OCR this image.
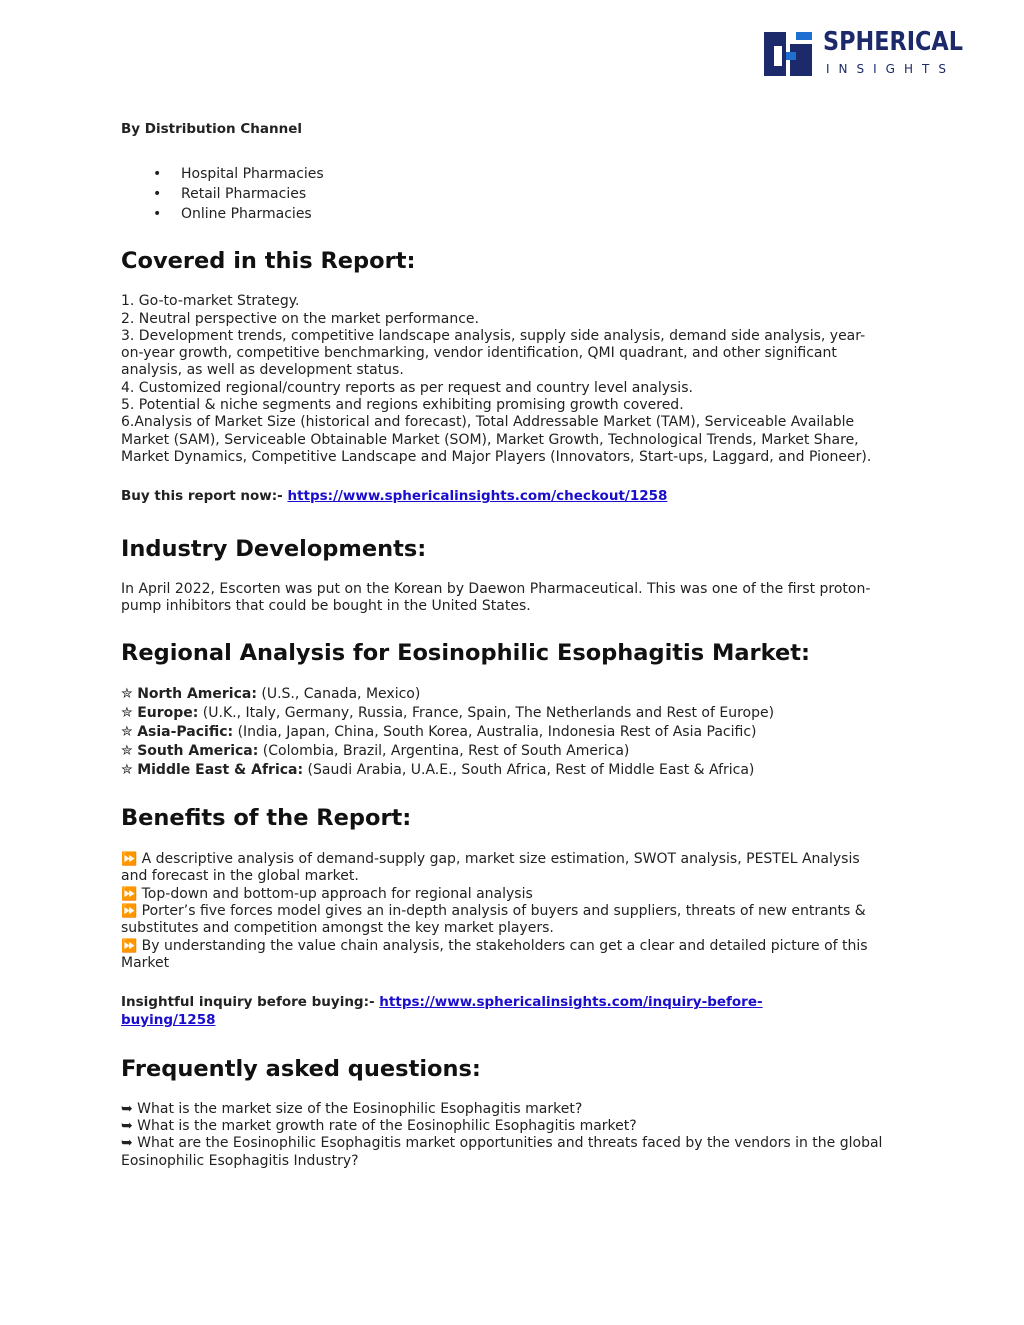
SPHERICAL
INSIGHTS
By Distribution Channel
• Hospital Pharmacies
• Retail Pharmacies
• Online Pharmacies
Covered in this Report:
1. Go-to-market Strategy.
2. Neutral perspective on the market performance.
3. Development trends, competitive landscape analysis, supply side analysis, demand side analysis, year-
on-year growth, competitive benchmarking, vendor identification, QMI quadrant, and other significant
analysis, as well as development status.
4. Customized regional/country reports as per request and country level analysis.
5. Potential & niche segments and regions exhibiting promising growth covered.
6.Analysis of Market Size (historical and forecast), Total Addressable Market (TAM), Serviceable Available
Market (SAM), Serviceable Obtainable Market (SOM), Market Growth, Technological Trends, Market Share,
Market Dynamics, Competitive Landscape and Major Players (Innovators, Start-ups, Laggard, and Pioneer).
Buy this report now:- https://www.sphericalinsights.com/checkout/1258
Industry Developments:
In April 2022, Escorten was put on the Korean by Daewon Pharmaceutical. This was one of the first proton-
pump inhibitors that could be bought in the United States.
Regional Analysis for Eosinophilic Esophagitis Market:
✮ North America: (U.S., Canada, Mexico)
✮ Europe: (U.K., Italy, Germany, Russia, France, Spain, The Netherlands and Rest of Europe)
✮ Asia-Pacific: (India, Japan, China, South Korea, Australia, Indonesia Rest of Asia Pacific)
✮ South America: (Colombia, Brazil, Argentina, Rest of South America)
✮ Middle East & Africa: (Saudi Arabia, U.A.E., South Africa, Rest of Middle East & Africa)
Benefits of the Report:
⏩ A descriptive analysis of demand-supply gap, market size estimation, SWOT analysis, PESTEL Analysis
and forecast in the global market.
⏩ Top-down and bottom-up approach for regional analysis
⏩ Porter’s five forces model gives an in-depth analysis of buyers and suppliers, threats of new entrants &
substitutes and competition amongst the key market players.
⏩ By understanding the value chain analysis, the stakeholders can get a clear and detailed picture of this
Market
Insightful inquiry before buying:- https://www.sphericalinsights.com/inquiry-before-
buying/1258
Frequently asked questions:
➥ What is the market size of the Eosinophilic Esophagitis market?
➥ What is the market growth rate of the Eosinophilic Esophagitis market?
➥ What are the Eosinophilic Esophagitis market opportunities and threats faced by the vendors in the global
Eosinophilic Esophagitis Industry?
